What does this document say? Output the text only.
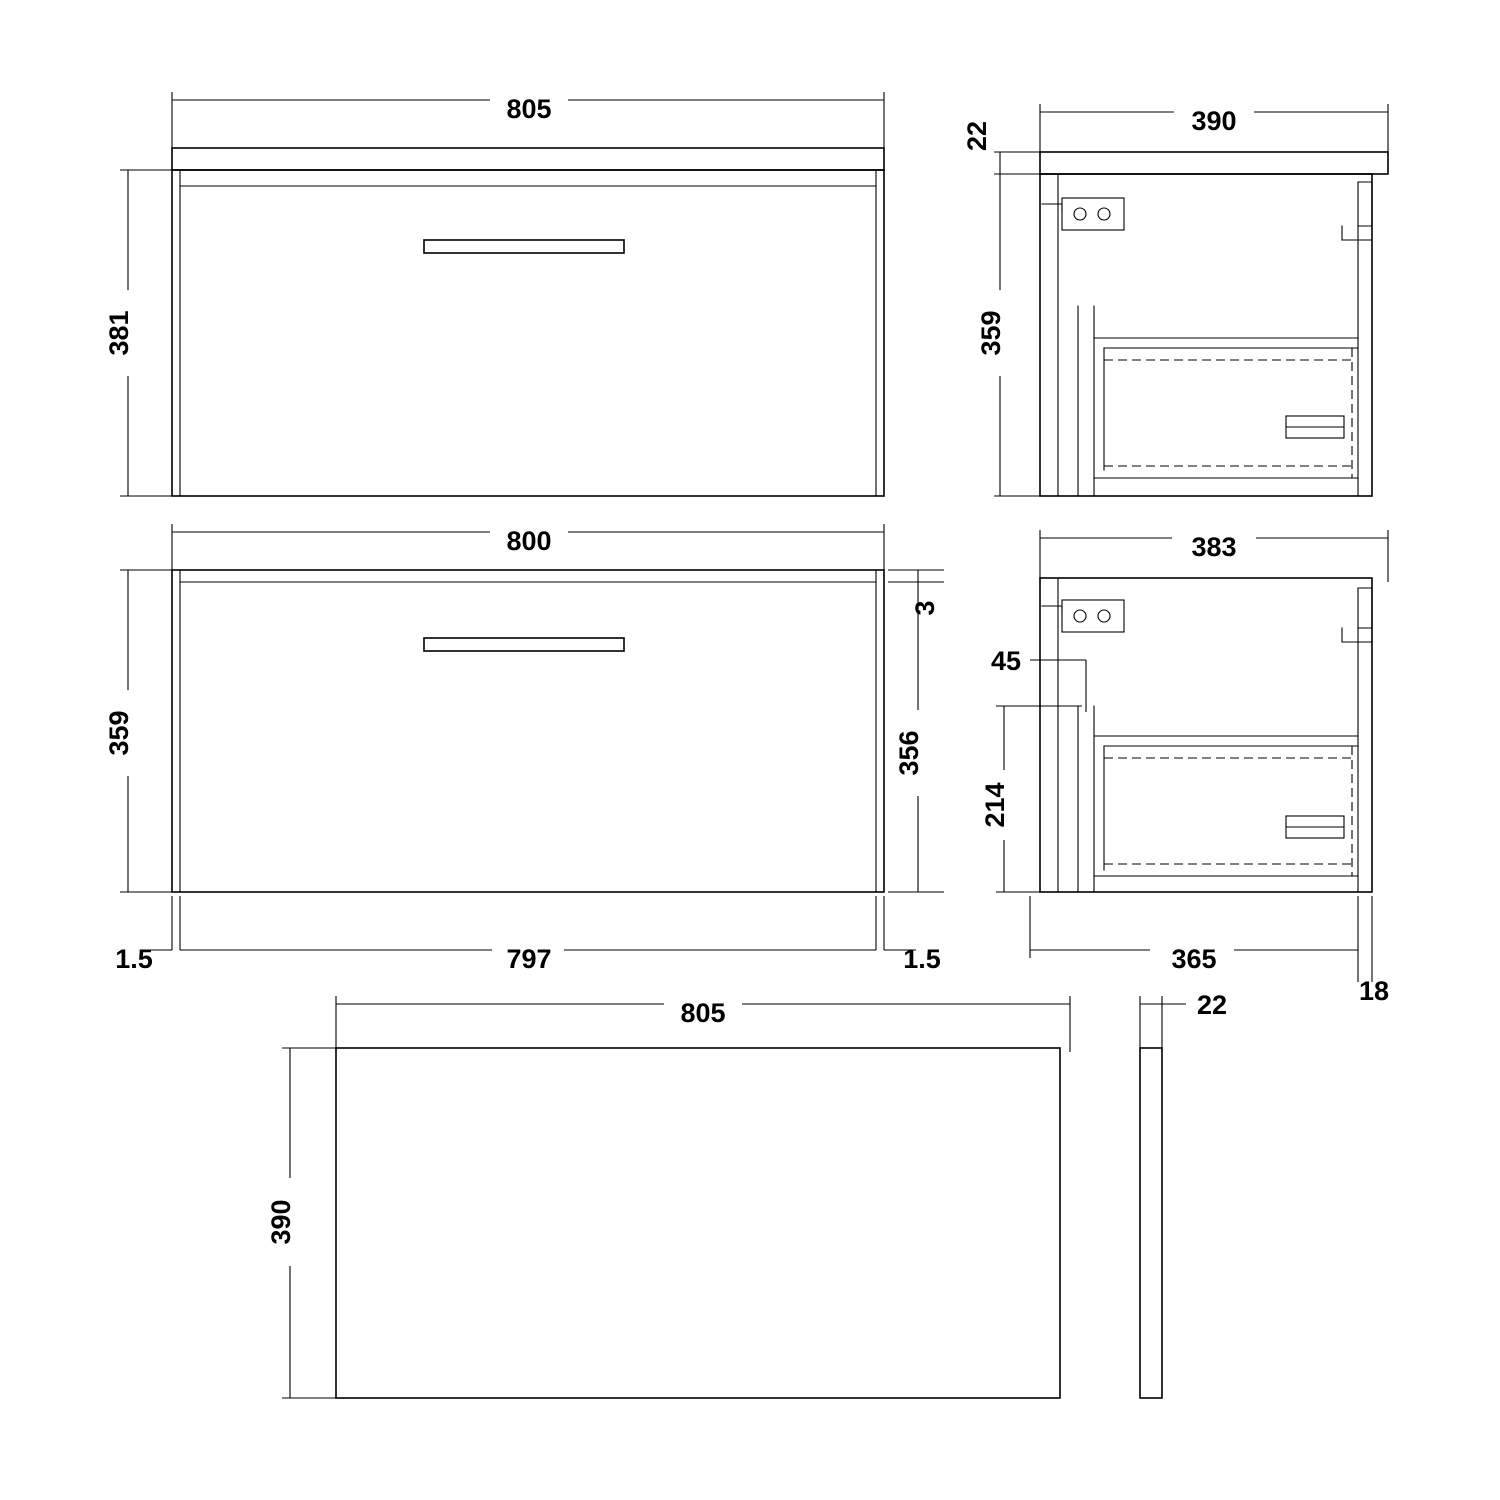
805
381
390
22
359
800
359
3
356
797
1.5	1.5
383
45
214
365
18
805
390
22
